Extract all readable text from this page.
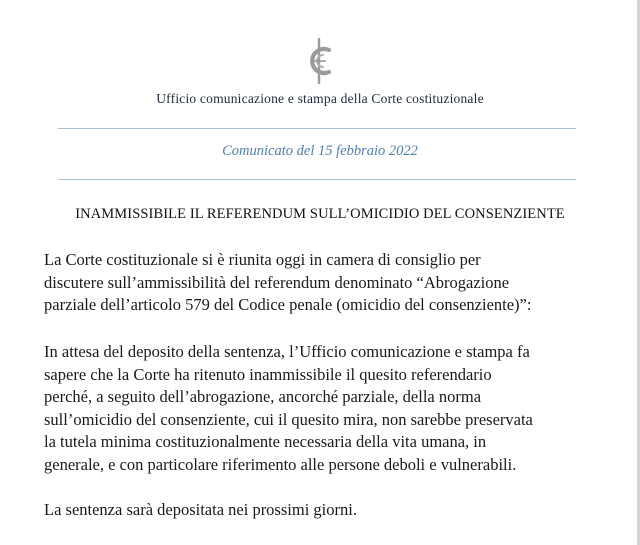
Ufficio comunicazione e stampa della Corte costituzionale
Comunicato del 15 febbraio 2022
INAMMISSIBILE IL REFERENDUM SULL’OMICIDIO DEL CONSENZIENTE
La Corte costituzionale si è riunita oggi in camera di consiglio per
discutere sull’ammissibilità del referendum denominato “Abrogazione
parziale dell’articolo 579 del Codice penale (omicidio del consenziente)”:
In attesa del deposito della sentenza, l’Ufficio comunicazione e stampa fa
sapere che la Corte ha ritenuto inammissibile il quesito referendario
perché, a seguito dell’abrogazione, ancorché parziale, della norma
sull’omicidio del consenziente, cui il quesito mira, non sarebbe preservata
la tutela minima costituzionalmente necessaria della vita umana, in
generale, e con particolare riferimento alle persone deboli e vulnerabili.
La sentenza sarà depositata nei prossimi giorni.
